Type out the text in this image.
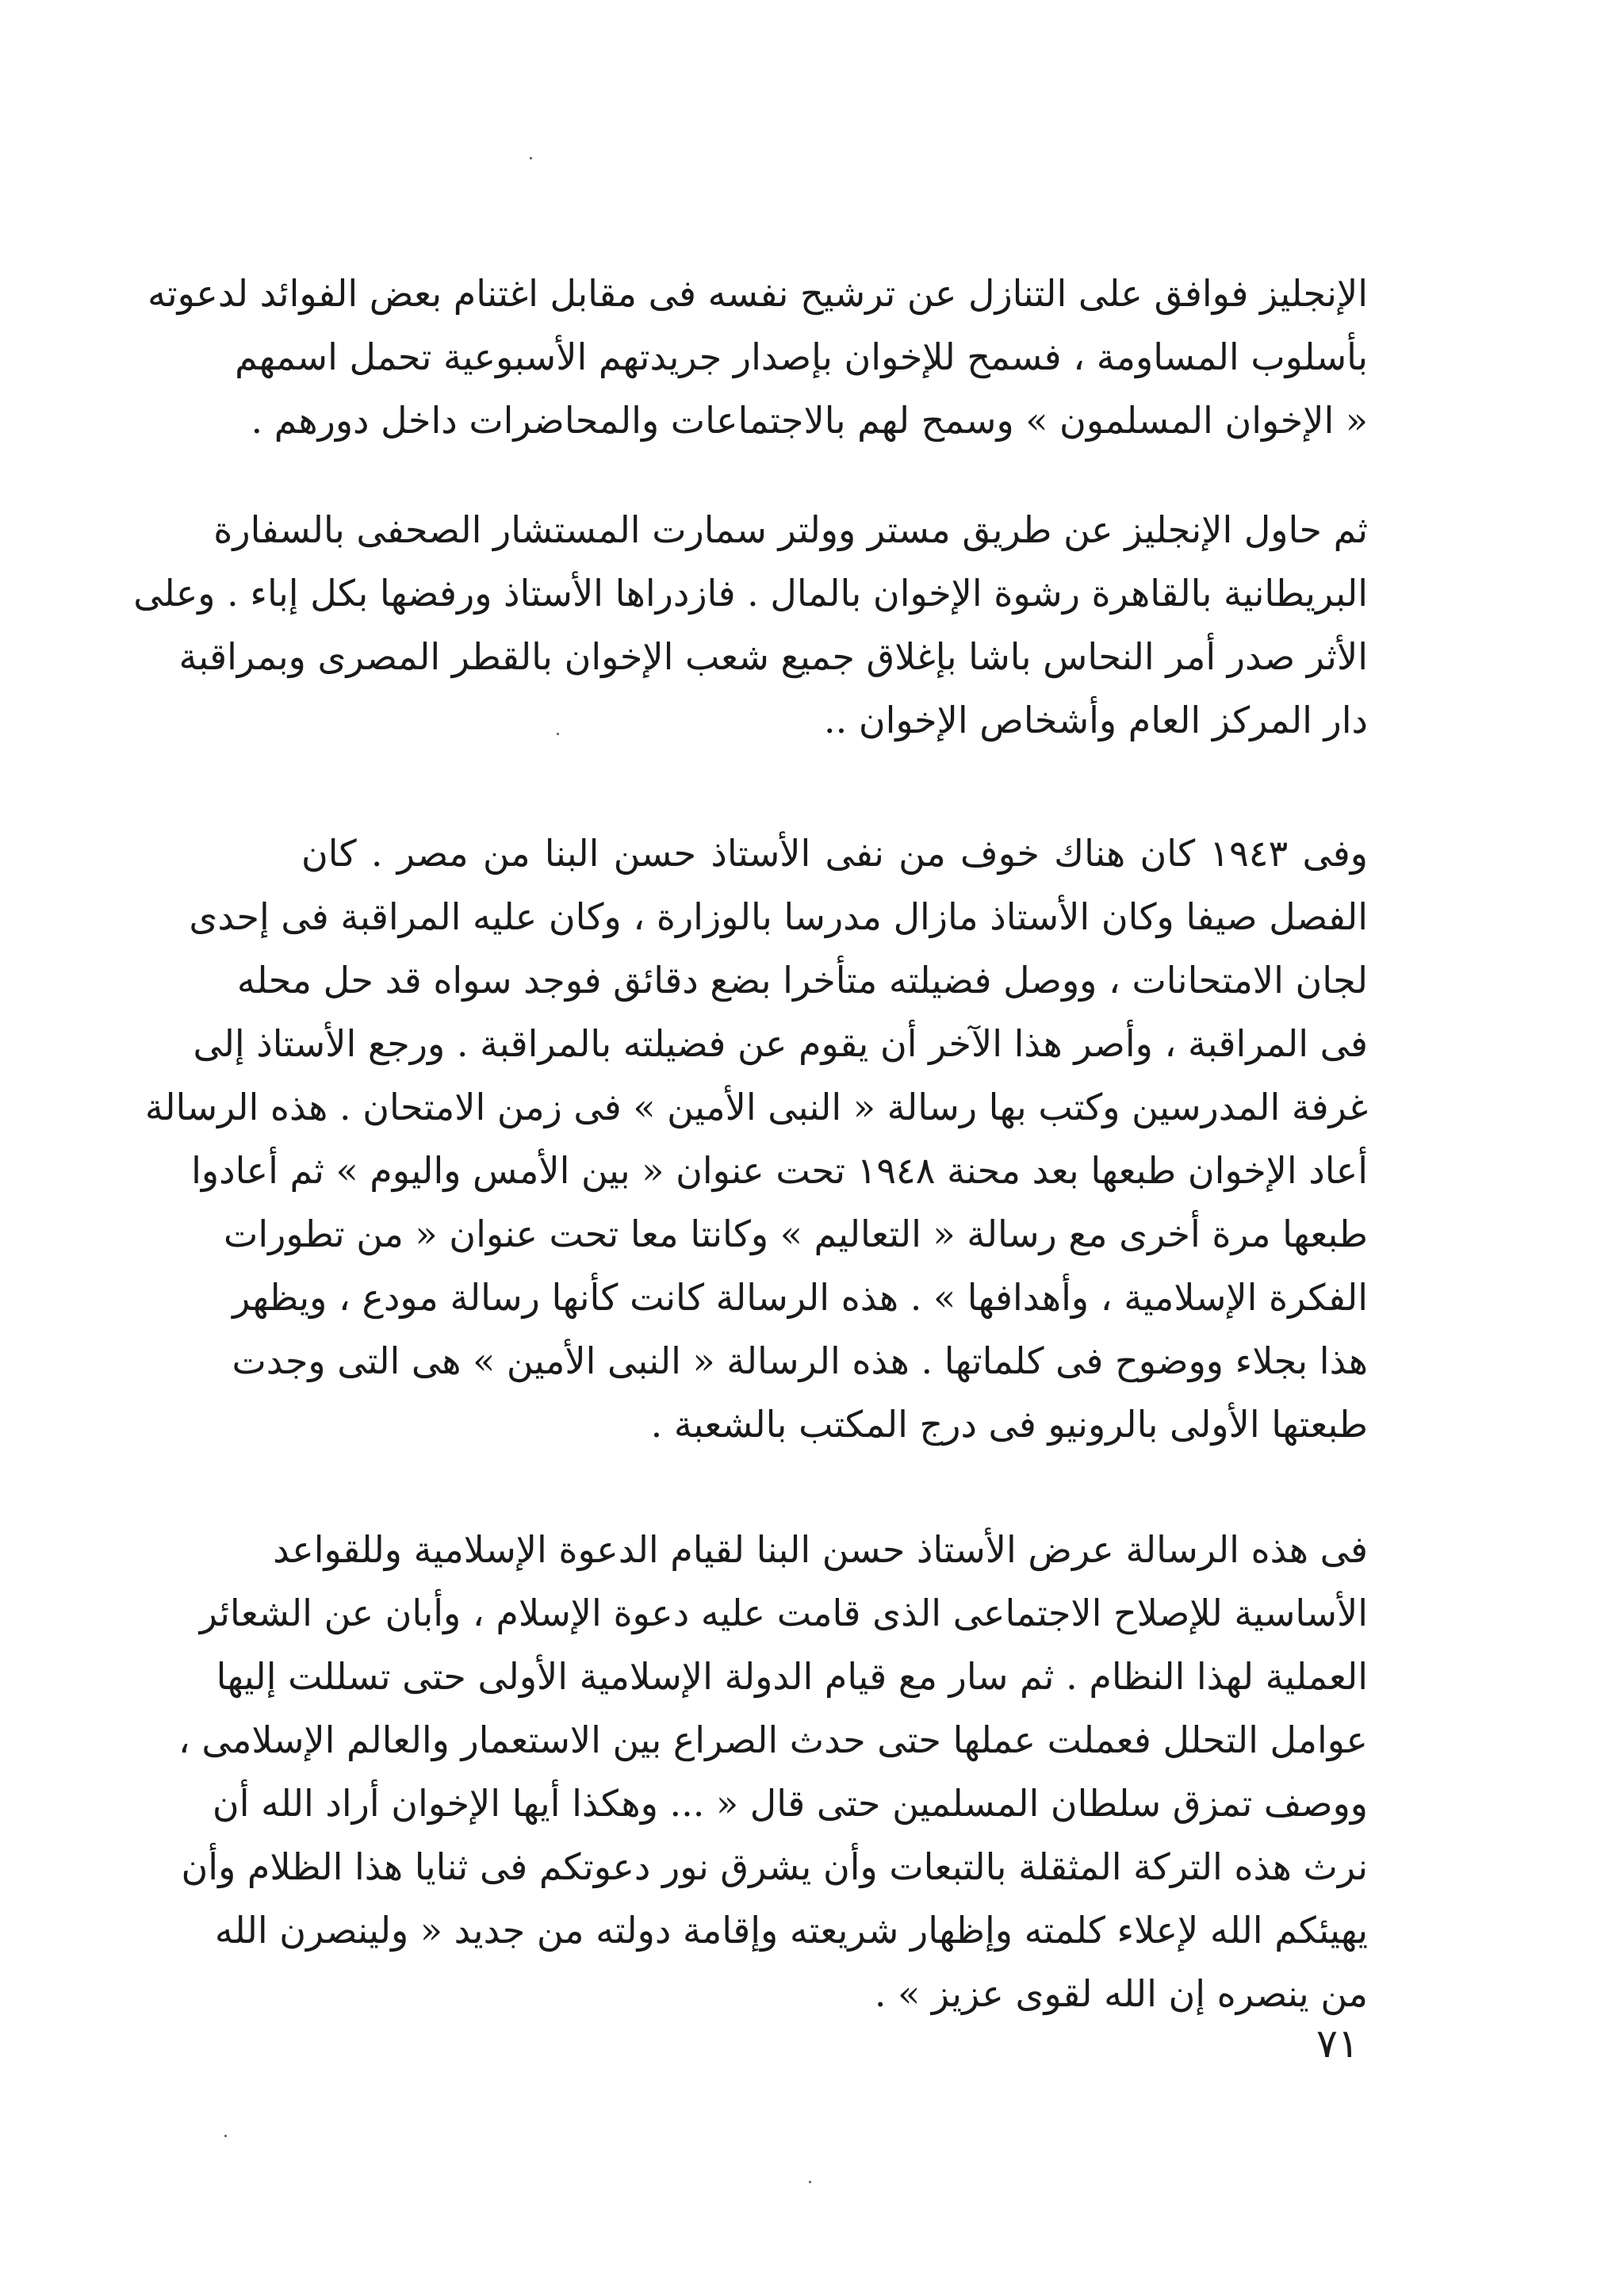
الإنجليز فوافق على التنازل عن ترشيح نفسه فى مقابل اغتنام بعض الفوائد لدعوته
بأسلوب المساومة ، فسمح للإخوان بإصدار جريدتهم الأسبوعية تحمل اسمهم
« الإخوان المسلمون » وسمح لهم بالاجتماعات والمحاضرات داخل دورهم .
ثم حاول الإنجليز عن طريق مستر وولتر سمارت المستشار الصحفى بالسفارة
البريطانية بالقاهرة رشوة الإخوان بالمال . فازدراها الأستاذ ورفضها بكل إباء . وعلى
الأثر صدر أمر النحاس باشا بإغلاق جميع شعب الإخوان بالقطر المصرى وبمراقبة
دار المركز العام وأشخاص الإخوان ..
وفى ١٩٤٣ كان هناك خوف من نفى الأستاذ حسن البنا من مصر . كان
الفصل صيفا وكان الأستاذ مازال مدرسا بالوزارة ، وكان عليه المراقبة فى إحدى
لجان الامتحانات ، ووصل فضيلته متأخرا بضع دقائق فوجد سواه قد حل محله
فى المراقبة ، وأصر هذا الآخر أن يقوم عن فضيلته بالمراقبة . ورجع الأستاذ إلى
غرفة المدرسين وكتب بها رسالة « النبى الأمين » فى زمن الامتحان . هذه الرسالة
أعاد الإخوان طبعها بعد محنة ١٩٤٨ تحت عنوان « بين الأمس واليوم » ثم أعادوا
طبعها مرة أخرى مع رسالة « التعاليم » وكانتا معا تحت عنوان « من تطورات
الفكرة الإسلامية ، وأهدافها » . هذه الرسالة كانت كأنها رسالة مودع ، ويظهر
هذا بجلاء ووضوح فى كلماتها . هذه الرسالة « النبى الأمين » هى التى وجدت
طبعتها الأولى بالرونيو فى درج المكتب بالشعبة .
فى هذه الرسالة عرض الأستاذ حسن البنا لقيام الدعوة الإسلامية وللقواعد
الأساسية للإصلاح الاجتماعى الذى قامت عليه دعوة الإسلام ، وأبان عن الشعائر
العملية لهذا النظام . ثم سار مع قيام الدولة الإسلامية الأولى حتى تسللت إليها
عوامل التحلل فعملت عملها حتى حدث الصراع بين الاستعمار والعالم الإسلامى ،
ووصف تمزق سلطان المسلمين حتى قال « ... وهكذا أيها الإخوان أراد الله أن
نرث هذه التركة المثقلة بالتبعات وأن يشرق نور دعوتكم فى ثنايا هذا الظلام وأن
يهيئكم الله لإعلاء كلمته وإظهار شريعته وإقامة دولته من جديد « ولينصرن الله
من ينصره إن الله لقوى عزيز » .
٧١
